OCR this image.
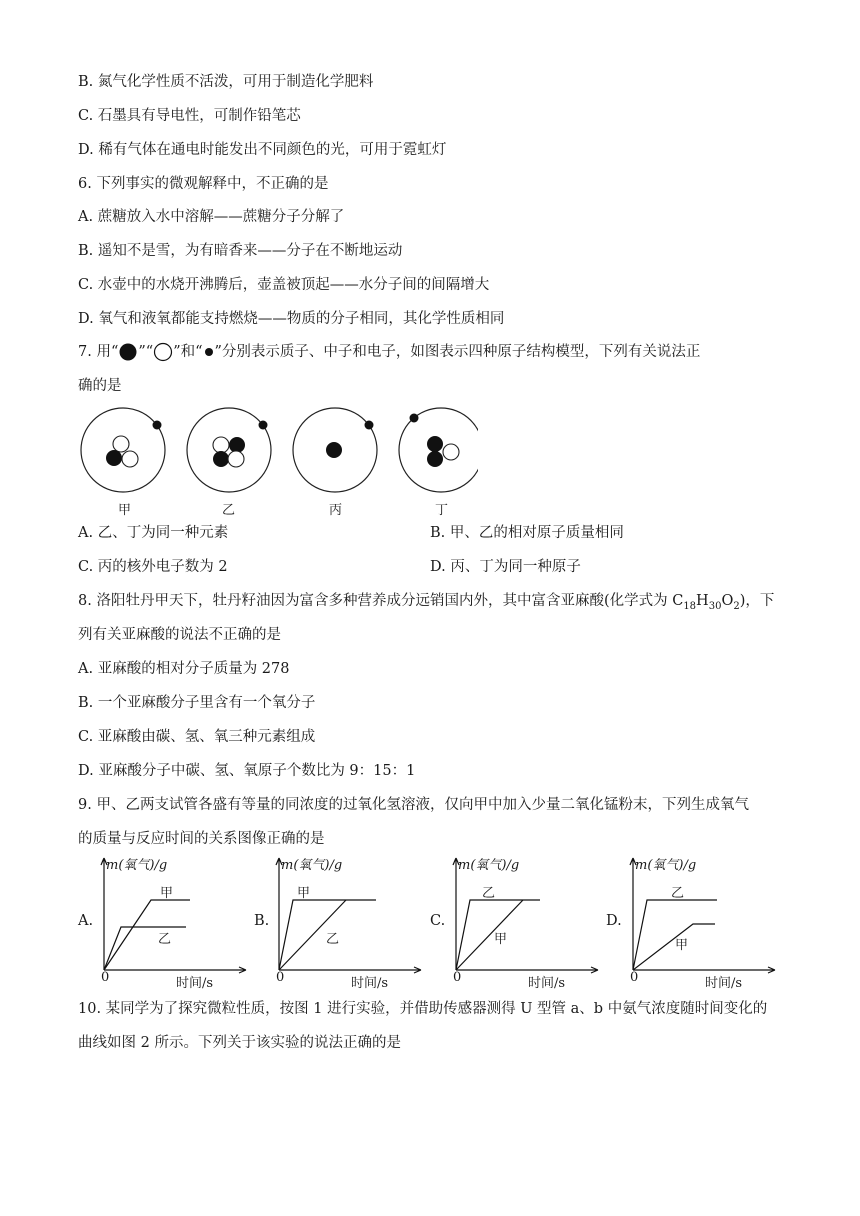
B. 氮气化学性质不活泼，可用于制造化学肥料
C. 石墨具有导电性，可制作铅笔芯
D. 稀有气体在通电时能发出不同颜色的光，可用于霓虹灯
6. 下列事实的微观解释中，不正确的是
A. 蔗糖放入水中溶解——蔗糖分子分解了
B. 遥知不是雪，为有暗香来——分子在不断地运动
C. 水壶中的水烧开沸腾后，壶盖被顶起——水分子间的间隔增大
D. 氧气和液氧都能支持燃烧——物质的分子相同，其化学性质相同
7. 用“ ”“ ”和“ ”分别表示质子、中子和电子，如图表示四种原子结构模型，下列有关说法正
确的是
甲	乙	丙	丁
A. 乙、丁为同一种元素	B. 甲、乙的相对原子质量相同
C. 丙的核外电子数为 2	D. 丙、丁为同一种原子
8. 洛阳牡丹甲天下，牡丹籽油因为富含多种营养成分远销国内外，其中富含亚麻酸(化学式为 $C_{18}H_{30}O_2$)，下
列有关亚麻酸的说法不正确的是
A. 亚麻酸的相对分子质量为 278
B. 一个亚麻酸分子里含有一个氧分子
C. 亚麻酸由碳、氢、氧三种元素组成
D. 亚麻酸分子中碳、氢、氧原子个数比为 9：15：1
9. 甲、乙两支试管各盛有等量的同浓度的过氧化氢溶液，仅向甲中加入少量二氧化锰粉末，下列生成氧气
的质量与反应时间的关系图像正确的是
A.
m(氧气)/g
甲
乙
0	时间/s
B.
m(氧气)/g
甲
乙
0	时间/s
C.
m(氧气)/g
乙
甲
0	时间/s
D.
m(氧气)/g
乙
甲
0	时间/s
10. 某同学为了探究微粒性质，按图 1 进行实验，并借助传感器测得 U 型管 a、b 中氨气浓度随时间变化的
曲线如图 2 所示。下列关于该实验的说法正确的是
